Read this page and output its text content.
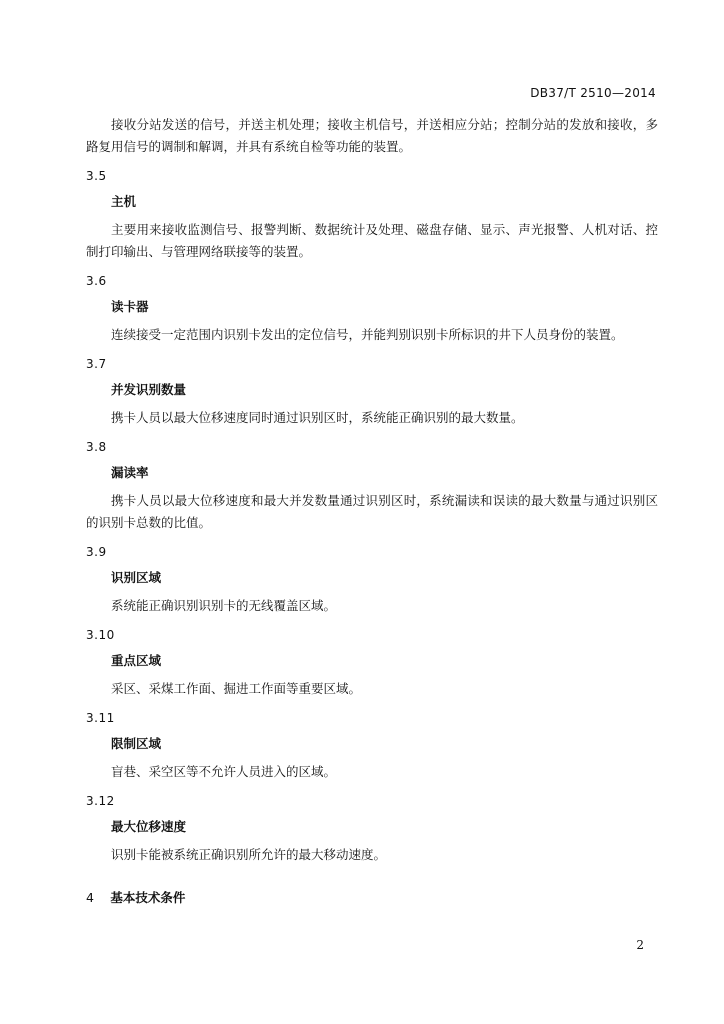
DB37/T 2510—2014

接收分站发送的信号，并送主机处理；接收主机信号，并送相应分站；控制分站的发放和接收，多路复用信号的调制和解调，并具有系统自检等功能的装置。

3.5
主机

主要用来接收监测信号、报警判断、数据统计及处理、磁盘存储、显示、声光报警、人机对话、控制打印输出、与管理网络联接等的装置。

3.6
读卡器

连续接受一定范围内识别卡发出的定位信号，并能判别识别卡所标识的井下人员身份的装置。

3.7
并发识别数量

携卡人员以最大位移速度同时通过识别区时，系统能正确识别的最大数量。

3.8
漏读率

携卡人员以最大位移速度和最大并发数量通过识别区时，系统漏读和误读的最大数量与通过识别区的识别卡总数的比值。

3.9
识别区域

系统能正确识别识别卡的无线覆盖区域。

3.10
重点区域

采区、采煤工作面、掘进工作面等重要区域。

3.11
限制区域

盲巷、采空区等不允许人员进入的区域。

3.12
最大位移速度

识别卡能被系统正确识别所允许的最大移动速度。

4 基本技术条件
2
